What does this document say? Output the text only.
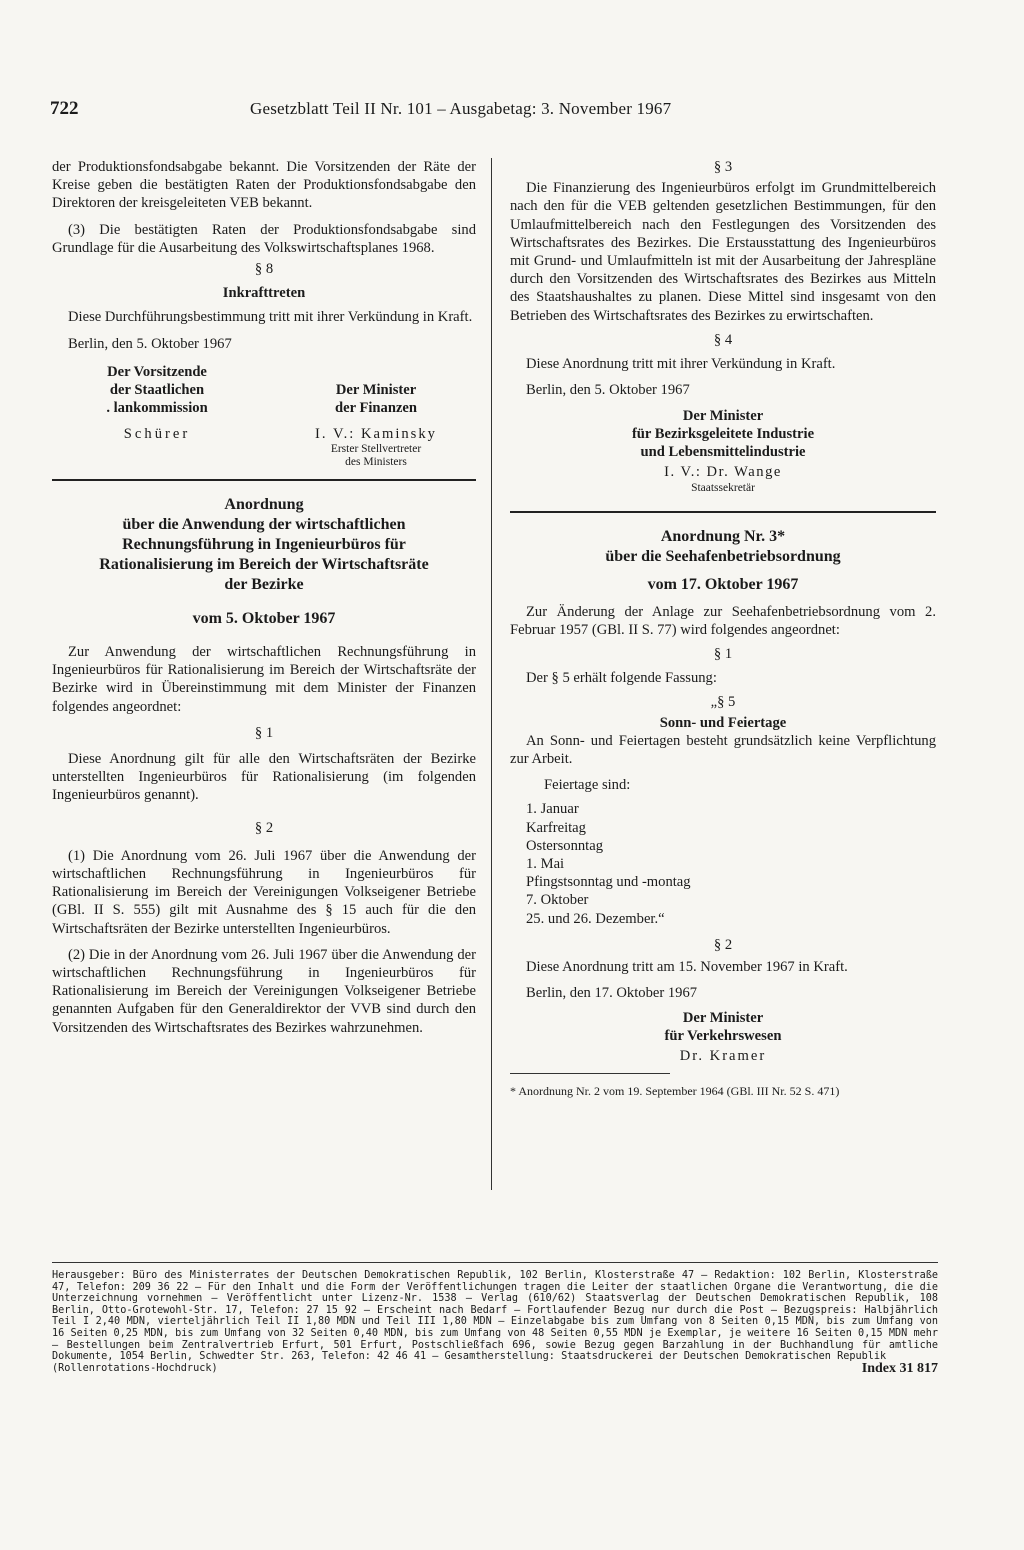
722	Gesetzblatt Teil II Nr. 101 – Ausgabetag: 3. November 1967

der Produktionsfondsabgabe bekannt. Die Vorsitzenden der Räte der Kreise geben die bestätigten Raten der Produktionsfondsabgabe den Direktoren der kreisgeleiteten VEB bekannt.

(3) Die bestätigten Raten der Produktionsfondsabgabe sind Grundlage für die Ausarbeitung des Volkswirtschaftsplanes 1968.

§ 8
Inkrafttreten

Diese Durchführungsbestimmung tritt mit ihrer Verkündung in Kraft.

Berlin, den 5. Oktober 1967

Der Vorsitzende
der Staatlichen
. lankommission
Schürer
Der Minister
der Finanzen
I. V.: Kaminsky
Erster Stellvertreter
des Ministers
Anordnung
über die Anwendung der wirtschaftlichen
Rechnungsführung in Ingenieurbüros für
Rationalisierung im Bereich der Wirtschaftsräte
der Bezirke
vom 5. Oktober 1967

Zur Anwendung der wirtschaftlichen Rechnungsführung in Ingenieurbüros für Rationalisierung im Bereich der Wirtschaftsräte der Bezirke wird in Übereinstimmung mit dem Minister der Finanzen folgendes angeordnet:

§ 1

Diese Anordnung gilt für alle den Wirtschaftsräten der Bezirke unterstellten Ingenieurbüros für Rationalisierung (im folgenden Ingenieurbüros genannt).

§ 2

(1) Die Anordnung vom 26. Juli 1967 über die Anwendung der wirtschaftlichen Rechnungsführung in Ingenieurbüros für Rationalisierung im Bereich der Vereinigungen Volkseigener Betriebe (GBl. II S. 555) gilt mit Ausnahme des § 15 auch für die den Wirtschaftsräten der Bezirke unterstellten Ingenieurbüros.

(2) Die in der Anordnung vom 26. Juli 1967 über die Anwendung der wirtschaftlichen Rechnungsführung in Ingenieurbüros für Rationalisierung im Bereich der Vereinigungen Volkseigener Betriebe genannten Aufgaben für den Generaldirektor der VVB sind durch den Vorsitzenden des Wirtschaftsrates des Bezirkes wahrzunehmen.

§ 3

Die Finanzierung des Ingenieurbüros erfolgt im Grundmittelbereich nach den für die VEB geltenden gesetzlichen Bestimmungen, für den Umlaufmittelbereich nach den Festlegungen des Vorsitzenden des Wirtschaftsrates des Bezirkes. Die Erstausstattung des Ingenieurbüros mit Grund- und Umlaufmitteln ist mit der Ausarbeitung der Jahrespläne durch den Vorsitzenden des Wirtschaftsrates des Bezirkes aus Mitteln des Staatshaushaltes zu planen. Diese Mittel sind insgesamt von den Betrieben des Wirtschaftsrates des Bezirkes zu erwirtschaften.

§ 4

Diese Anordnung tritt mit ihrer Verkündung in Kraft.

Berlin, den 5. Oktober 1967

Der Minister
für Bezirksgeleitete Industrie
und Lebensmittelindustrie
I. V.: Dr. Wange
Staatssekretär
Anordnung Nr. 3*
über die Seehafenbetriebsordnung
vom 17. Oktober 1967

Zur Änderung der Anlage zur Seehafenbetriebsordnung vom 2. Februar 1957 (GBl. II S. 77) wird folgendes angeordnet:

§ 1

Der § 5 erhält folgende Fassung:

„§ 5
Sonn- und Feiertage

An Sonn- und Feiertagen besteht grundsätzlich keine Verpflichtung zur Arbeit.

Feiertage sind:

1. Januar
Karfreitag
Ostersonntag
1. Mai
Pfingstsonntag und -montag
7. Oktober
25. und 26. Dezember.“
§ 2

Diese Anordnung tritt am 15. November 1967 in Kraft.

Berlin, den 17. Oktober 1967

Der Minister
für Verkehrswesen
Dr. Kramer

* Anordnung Nr. 2 vom 19. September 1964 (GBl. III Nr. 52 S. 471)

Herausgeber: Büro des Ministerrates der Deutschen Demokratischen Republik, 102 Berlin, Klosterstraße 47 – Redaktion: 102 Berlin, Klosterstraße 47, Telefon: 209 36 22 – Für den Inhalt und die Form der Veröffentlichungen tragen die Leiter der staatlichen Organe die Verantwortung, die die Unterzeichnung vornehmen – Veröffentlicht unter Lizenz-Nr. 1538 – Verlag (610/62) Staatsverlag der Deutschen Demokratischen Republik, 108 Berlin, Otto-Grotewohl-Str. 17, Telefon: 27 15 92 – Erscheint nach Bedarf – Fortlaufender Bezug nur durch die Post – Bezugspreis: Halbjährlich Teil I 2,40 MDN, vierteljährlich Teil II 1,80 MDN und Teil III 1,80 MDN – Einzelabgabe bis zum Umfang von 8 Seiten 0,15 MDN, bis zum Umfang von 16 Seiten 0,25 MDN, bis zum Umfang von 32 Seiten 0,40 MDN, bis zum Umfang von 48 Seiten 0,55 MDN je Exemplar, je weitere 16 Seiten 0,15 MDN mehr – Bestellungen beim Zentralvertrieb Erfurt, 501 Erfurt, Postschließfach 696, sowie Bezug gegen Barzahlung in der Buchhandlung für amtliche Dokumente, 1054 Berlin, Schwedter Str. 263, Telefon: 42 46 41 – Gesamtherstellung: Staatsdruckerei der Deutschen Demokratischen Republik

(Rollenrotations-Hochdruck)	Index 31 817
